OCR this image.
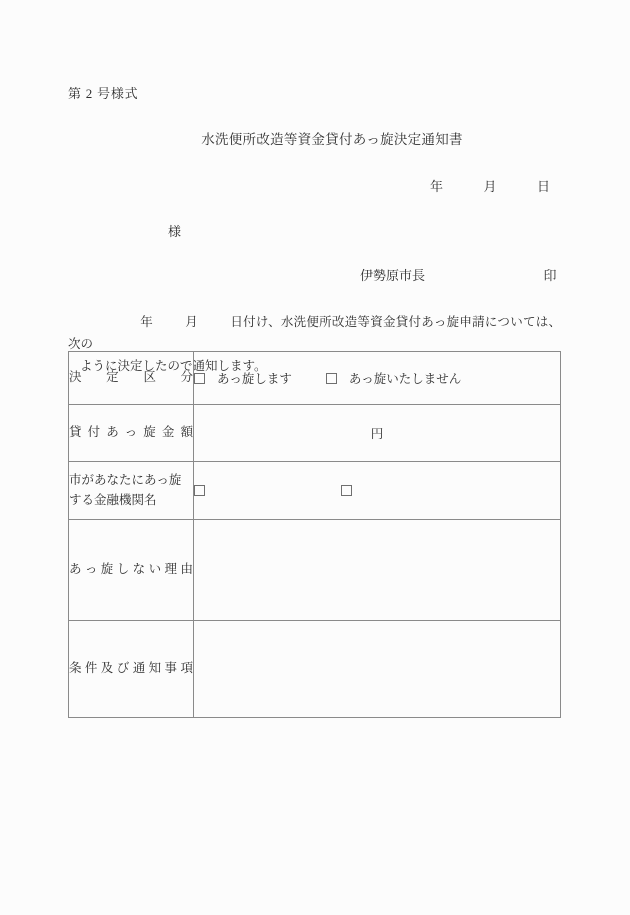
第 2 号様式
水洗便所改造等資金貸付あっ旋決定通知書
年	月	日
様
伊勢原市長	印
年	月	日付け、水洗便所改造等資金貸付あっ旋申請については、次の
ように決定したので通知します。
決定区分	あっ旋します あっ旋いたしません

貸付あっ旋金額	円

市があなたにあっ旋
する金融機関名	

あっ旋しない理由	

条件及び通知事項	
